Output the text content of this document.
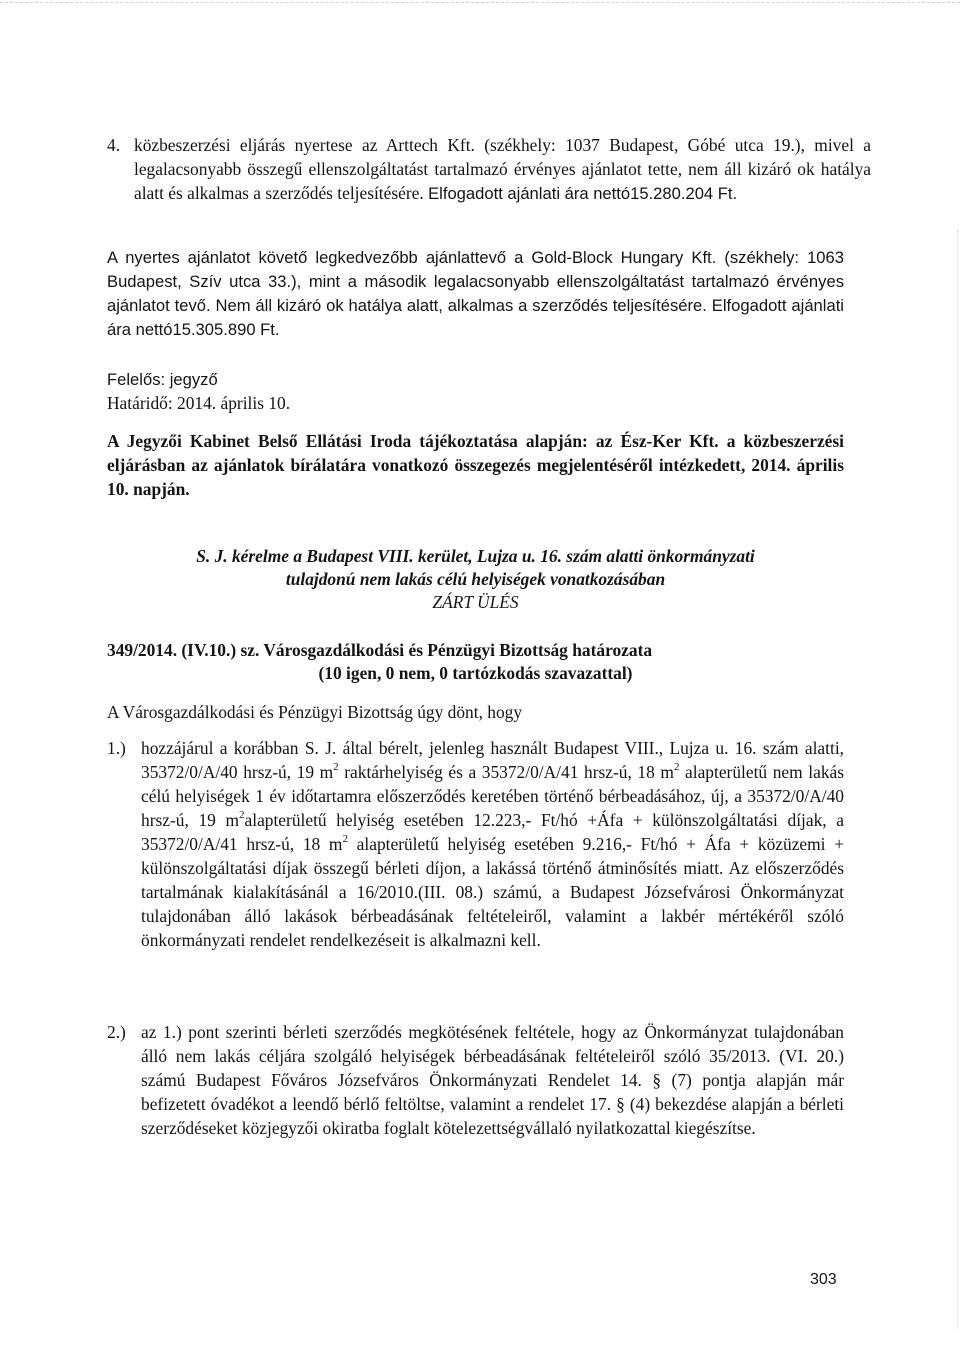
4. közbeszerzési eljárás nyertese az Arttech Kft. (székhely: 1037 Budapest, Góbé utca 19.), mivel a legalacsonyabb összegű ellenszolgáltatást tartalmazó érvényes ajánlatot tette, nem áll kizáró ok hatálya alatt és alkalmas a szerződés teljesítésére. Elfogadott ajánlati ára nettó15.280.204 Ft.
A nyertes ajánlatot követő legkedvezőbb ajánlattevő a Gold-Block Hungary Kft. (székhely: 1063 Budapest, Szív utca 33.), mint a második legalacsonyabb ellenszolgáltatást tartalmazó érvényes ajánlatot tevő. Nem áll kizáró ok hatálya alatt, alkalmas a szerződés teljesítésére. Elfogadott ajánlati ára nettó15.305.890 Ft.

Felelős: jegyző

Határidő: 2014. április 10.

A Jegyzői Kabinet Belső Ellátási Iroda tájékoztatása alapján: az Ész-Ker Kft. a közbeszerzési eljárásban az ajánlatok bírálatára vonatkozó összegezés megjelentéséről intézkedett, 2014. április 10. napján.

S. J. kérelme a Budapest VIII. kerület, Lujza u. 16. szám alatti önkormányzati

tulajdonú nem lakás célú helyiségek vonatkozásában

ZÁRT ÜLÉS

349/2014. (IV.10.) sz. Városgazdálkodási és Pénzügyi Bizottság határozata

(10 igen, 0 nem, 0 tartózkodás szavazattal)

A Városgazdálkodási és Pénzügyi Bizottság úgy dönt, hogy

1.) hozzájárul a korábban S. J. által bérelt, jelenleg használt Budapest VIII., Lujza u. 16. szám alatti, 35372/0/A/40 hrsz-ú, 19 $m^2$ raktárhelyiség és a 35372/0/A/41 hrsz-ú, 18 $m^2$ alapterületű nem lakás célú helyiségek 1 év időtartamra előszerződés keretében történő bérbeadásához, új, a 35372/0/A/40 hrsz-ú, 19 $m^2alapterületű$ helyiség esetében 12.223,- Ft/hó +Áfa + különszolgáltatási díjak, a 35372/0/A/41 hrsz-ú, 18 $m^2$ alapterületű helyiség esetében 9.216,- Ft/hó + Áfa + közüzemi + különszolgáltatási díjak összegű bérleti díjon, a lakássá történő átminősítés miatt. Az előszerződés tartalmának kialakításánál a 16/2010.(III. 08.) számú, a Budapest Józsefvárosi Önkormányzat tulajdonában álló lakások bérbeadásának feltételeiről, valamint a lakbér mértékéről szóló önkormányzati rendelet rendelkezéseit is alkalmazni kell.
2.) az 1.) pont szerinti bérleti szerződés megkötésének feltétele, hogy az Önkormányzat tulajdonában álló nem lakás céljára szolgáló helyiségek bérbeadásának feltételeiről szóló 35/2013. (VI. 20.) számú Budapest Főváros Józsefváros Önkormányzati Rendelet 14. § (7) pontja alapján már befizetett óvadékot a leendő bérlő feltöltse, valamint a rendelet 17. § (4) bekezdése alapján a bérleti szerződéseket közjegyzői okiratba foglalt kötelezettségvállaló nyilatkozattal kiegészítse.
303
